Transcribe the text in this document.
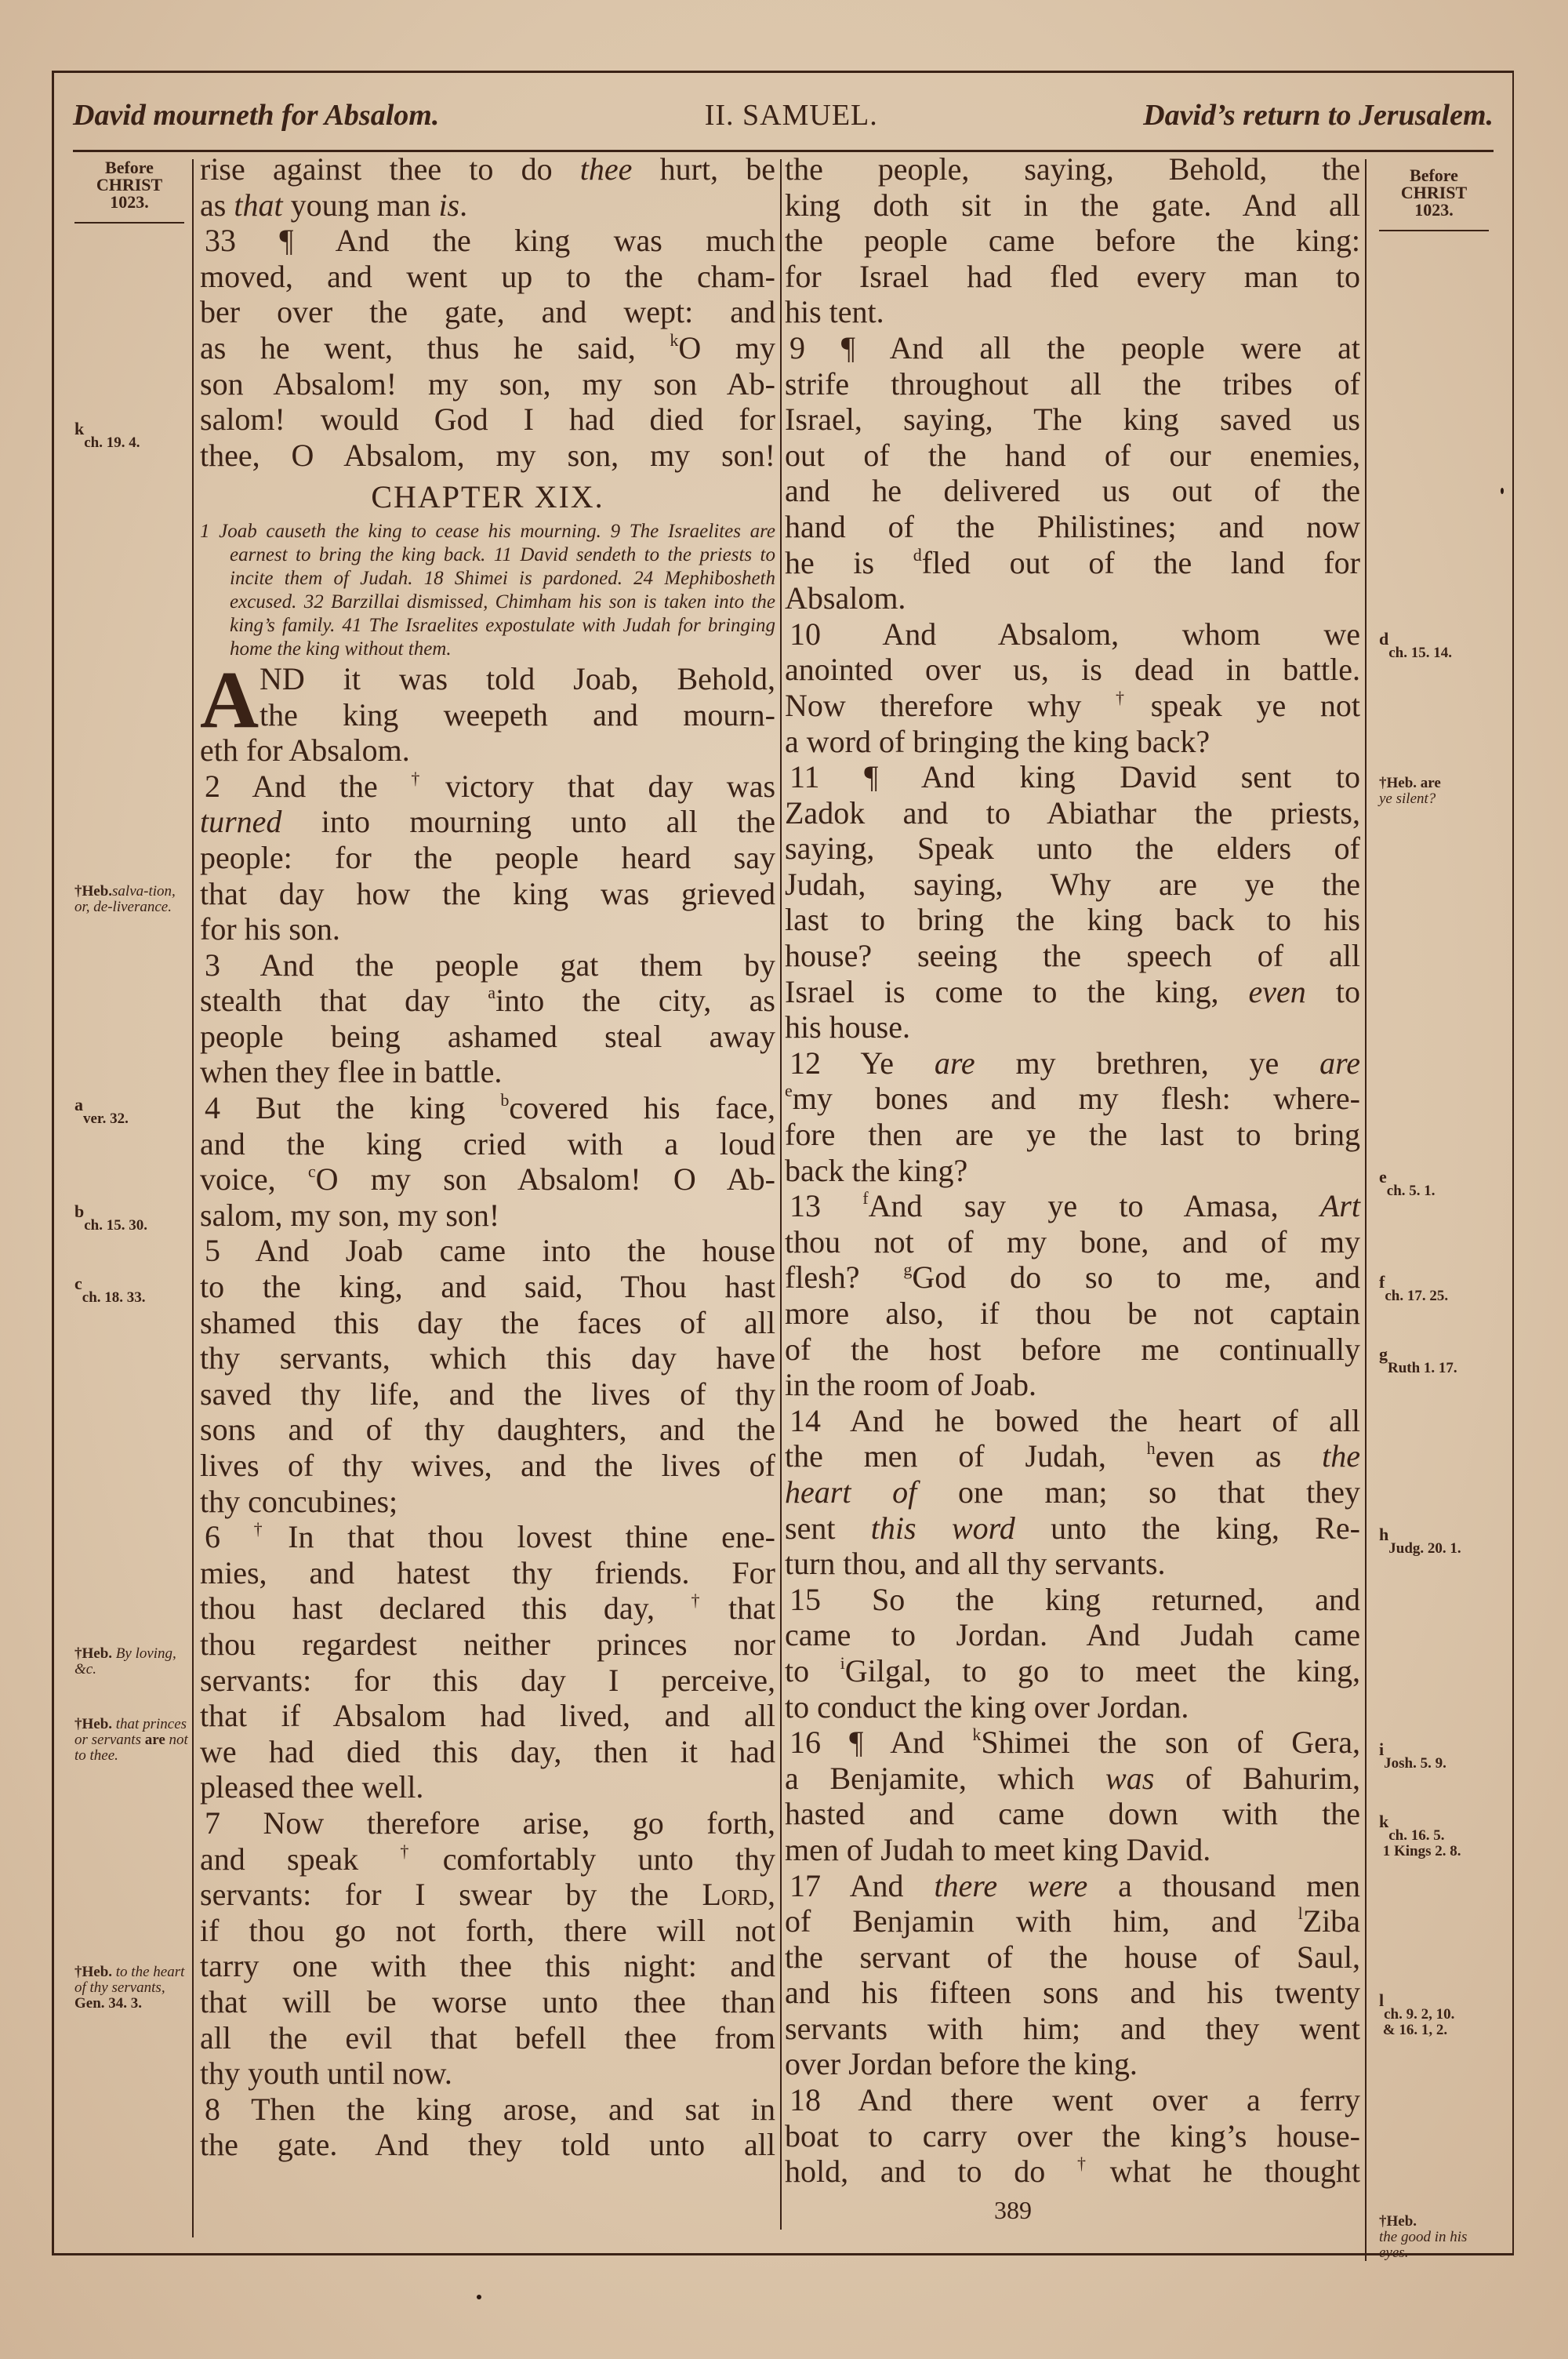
David mourneth for Absalom.	II. SAMUEL.	David’s return to Jerusalem.
Before
CHRIST
1023.
$^k$ch. 19. 4.
†Heb.salva-tion, or, de-liverance.
$^a$ver. 32.
$^b$ch. 15. 30.
$^c$ch. 18. 33.
†Heb. By loving, &c.
†Heb. that princes or servants are not to thee.
†Heb. to the heart of thy servants, Gen. 34. 3.
rise against thee to do thee hurt, be
as that young man is.
33 ¶ And the king was much
moved, and went up to the cham-
ber over the gate, and wept: and
as he went, thus he said, $^k$O my
son Absalom! my son, my son Ab-
salom! would God I had died for
thee, O Absalom, my son, my son!
CHAPTER XIX.
1 Joab causeth the king to cease his mourning. 9 The Israelites are earnest to bring the king back. 11 David sendeth to the priests to incite them of Judah. 18 Shimei is pardoned. 24 Mephibosheth excused. 32 Barzillai dismissed, Chimham his son is taken into the king’s family. 41 The Israelites expostulate with Judah for bringing home the king without them.
A ND it was told Joab, Behold,
the king weepeth and mourn-
eth for Absalom.
2 And the †victory that day was
turned into mourning unto all the
people: for the people heard say
that day how the king was grieved
for his son.
3 And the people gat them by
stealth that day $^a$into the city, as
people being ashamed steal away
when they flee in battle.
4 But the king $^b$covered his face,
and the king cried with a loud
voice, $^c$O my son Absalom! O Ab-
salom, my son, my son!
5 And Joab came into the house
to the king, and said, Thou hast
shamed this day the faces of all
thy servants, which this day have
saved thy life, and the lives of thy
sons and of thy daughters, and the
lives of thy wives, and the lives of
thy concubines;
6 †In that thou lovest thine ene-
mies, and hatest thy friends. For
thou hast declared this day, †that
thou regardest neither princes nor
servants: for this day I perceive,
that if Absalom had lived, and all
we had died this day, then it had
pleased thee well.
7 Now therefore arise, go forth,
and speak †comfortably unto thy
servants: for I swear by the Lord,
if thou go not forth, there will not
tarry one with thee this night: and
that will be worse unto thee than
all the evil that befell thee from
thy youth until now.
8 Then the king arose, and sat in
the gate. And they told unto all
the people, saying, Behold, the
king doth sit in the gate. And all
the people came before the king:
for Israel had fled every man to
his tent.
9 ¶ And all the people were at
strife throughout all the tribes of
Israel, saying, The king saved us
out of the hand of our enemies,
and he delivered us out of the
hand of the Philistines; and now
he is $^d$fled out of the land for
Absalom.
10 And Absalom, whom we
anointed over us, is dead in battle.
Now therefore why †speak ye not
a word of bringing the king back?
11 ¶ And king David sent to
Zadok and to Abiathar the priests,
saying, Speak unto the elders of
Judah, saying, Why are ye the
last to bring the king back to his
house? seeing the speech of all
Israel is come to the king, even to
his house.
12 Ye are my brethren, ye are
$^e$my bones and my flesh: where-
fore then are ye the last to bring
back the king?
13 $^f$And say ye to Amasa, Art
thou not of my bone, and of my
flesh? $^g$God do so to me, and
more also, if thou be not captain
of the host before me continually
in the room of Joab.
14 And he bowed the heart of all
the men of Judah, $^h$even as the
heart of one man; so that they
sent this word unto the king, Re-
turn thou, and all thy servants.
15 So the king returned, and
came to Jordan. And Judah came
to $^i$Gilgal, to go to meet the king,
to conduct the king over Jordan.
16 ¶ And $^k$Shimei the son of Gera,
a Benjamite, which was of Bahurim,
hasted and came down with the
men of Judah to meet king David.
17 And there were a thousand men
of Benjamin with him, and $^l$Ziba
the servant of the house of Saul,
and his fifteen sons and his twenty
servants with him; and they went
over Jordan before the king.
18 And there went over a ferry
boat to carry over the king’s house-
hold, and to do †what he thought
Before
CHRIST
1023.
$^d$ch. 15. 14.
†Heb. are
ye silent?
$^e$ch. 5. 1.
$^f$ch. 17. 25.
$^g$Ruth 1. 17.
$^h$Judg. 20. 1.
$^i$Josh. 5. 9.
$^k$ch. 16. 5.
1 Kings 2. 8.
$^l$ch. 9. 2, 10.
& 16. 1, 2.
†Heb.
the good in his eyes.
389
